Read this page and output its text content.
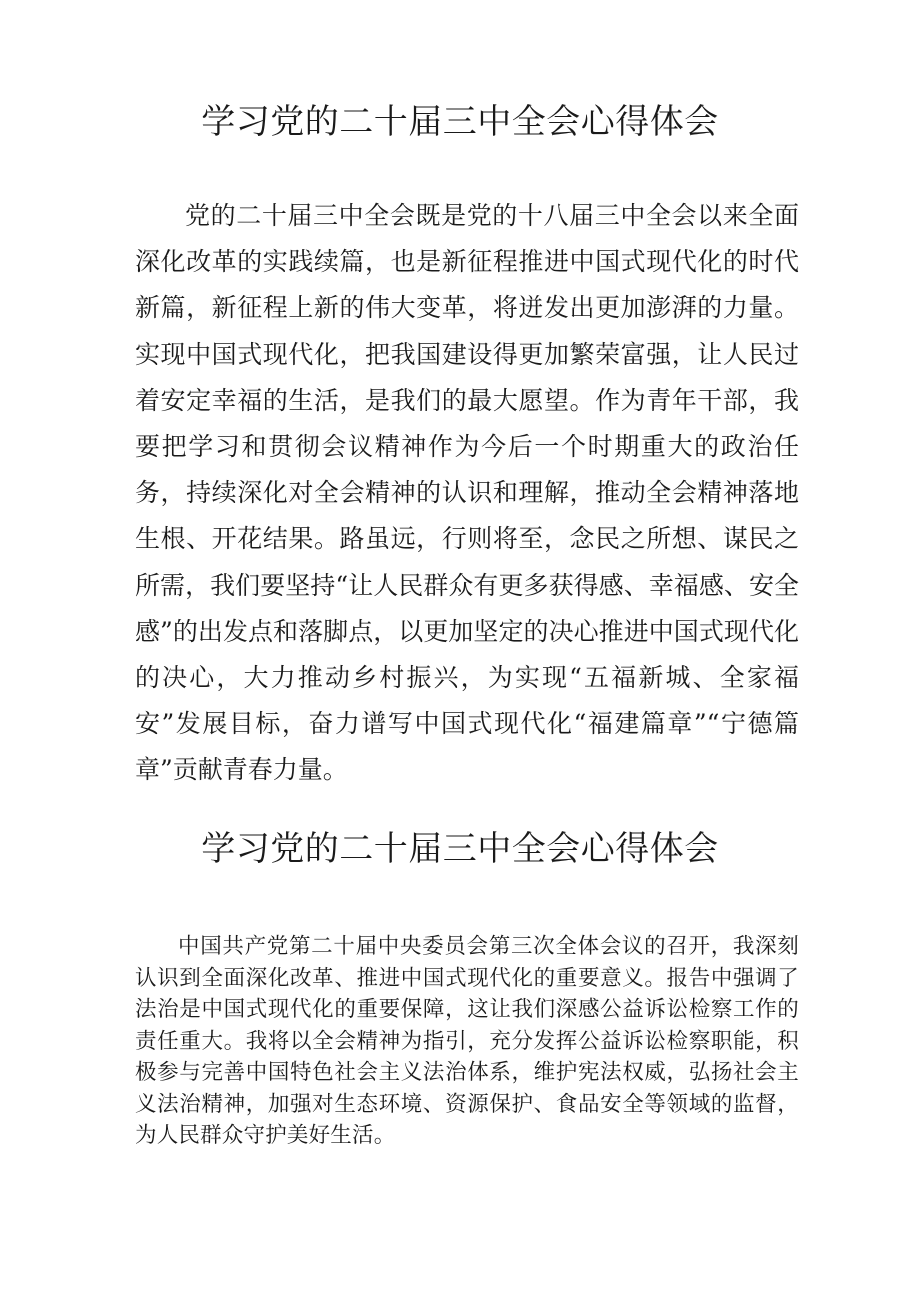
学习党的二十届三中全会心得体会

党的二十届三中全会既是党的十八届三中全会以来全面深化改革的实践续篇，也是新征程推进中国式现代化的时代新篇，新征程上新的伟大变革，将迸发出更加澎湃的力量。实现中国式现代化，把我国建设得更加繁荣富强，让人民过着安定幸福的生活，是我们的最大愿望。作为青年干部，我要把学习和贯彻会议精神作为今后一个时期重大的政治任务，持续深化对全会精神的认识和理解，推动全会精神落地生根、开花结果。路虽远，行则将至，念民之所想、谋民之所需，我们要坚持“让人民群众有更多获得感、幸福感、安全感”的出发点和落脚点，以更加坚定的决心推进中国式现代化的决心，大力推动乡村振兴，为实现“五福新城、全家福安”发展目标，奋力谱写中国式现代化“福建篇章”“宁德篇章”贡献青春力量。

学习党的二十届三中全会心得体会

中国共产党第二十届中央委员会第三次全体会议的召开，我深刻认识到全面深化改革、推进中国式现代化的重要意义。报告中强调了法治是中国式现代化的重要保障，这让我们深感公益诉讼检察工作的责任重大。我将以全会精神为指引，充分发挥公益诉讼检察职能，积极参与完善中国特色社会主义法治体系，维护宪法权威，弘扬社会主义法治精神，加强对生态环境、资源保护、食品安全等领域的监督，为人民群众守护美好生活。
